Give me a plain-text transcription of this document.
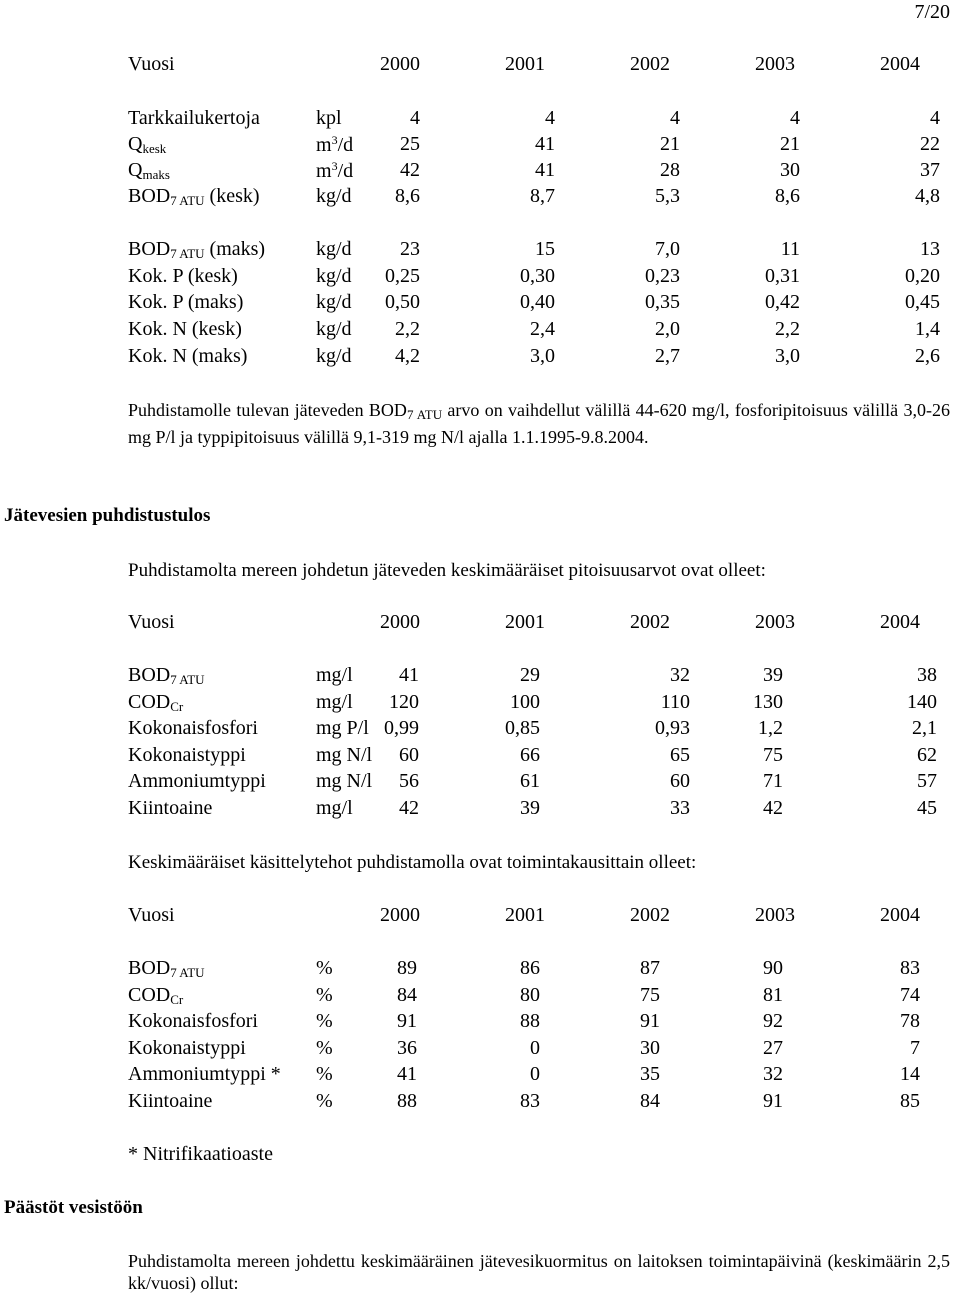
7/20
Jätevesien puhdistustulos
Päästöt vesistöön
Vuosi	2000	2001	2002	2003	2004
Tarkkailukertoja	kpl	4	4	4	4	4
$Q_{kesk}$	$m^3/d$	25	41	21	21	22
$Q_{maks}$	$m^3/d$	42	41	28	30	37
$BOD_{7 ATU}$ (kesk)	kg/d	8,6	8,7	5,3	8,6	4,8
$BOD_{7 ATU}$ (maks)	kg/d	23	15	7,0	11	13
Kok. P (kesk)	kg/d	0,25	0,30	0,23	0,31	0,20
Kok. P (maks)	kg/d	0,50	0,40	0,35	0,42	0,45
Kok. N (kesk)	kg/d	2,2	2,4	2,0	2,2	1,4
Kok. N (maks)	kg/d	4,2	3,0	2,7	3,0	2,6
Puhdistamolle tulevan jäteveden $BOD_{7 ATU}$ arvo on vaihdellut välillä 44-620 mg/l, fosforipitoisuus välillä 3,0-26 mg P/l ja typpipitoisuus välillä 9,1-319 mg N/l ajalla 1.1.1995-9.8.2004.
Puhdistamolta mereen johdetun jäteveden keskimääräiset pitoisuusarvot ovat olleet:
Vuosi	2000	2001	2002	2003	2004
$BOD_{7 ATU}$	mg/l	41	29	32	39	38
$COD_{Cr}$	mg/l	120	100	110	130	140
Kokonaisfosfori	mg P/l 0,99	0,85	0,93	1,2	2,1
Kokonaistyppi	mg N/l	60	66	65	75	62
Ammoniumtyppi	mg N/l	56	61	60	71	57
Kiintoaine	mg/l	42	39	33	42	45
Keskimääräiset käsittelytehot puhdistamolla ovat toimintakausittain olleet:
Vuosi	2000	2001	2002	2003	2004
$BOD_{7 ATU}$	%	89	86	87	90	83
$COD_{Cr}$	%	84	80	75	81	74
Kokonaisfosfori	%	91	88	91	92	78
Kokonaistyppi	%	36	0	30	27	7
Ammoniumtyppi * %	41	0	35	32	14
Kiintoaine	%	88	83	84	91	85
* Nitrifikaatioaste
Puhdistamolta mereen johdettu keskimääräinen jätevesikuormitus on laitoksen toimintapäivinä (keskimäärin 2,5 kk/vuosi) ollut:
